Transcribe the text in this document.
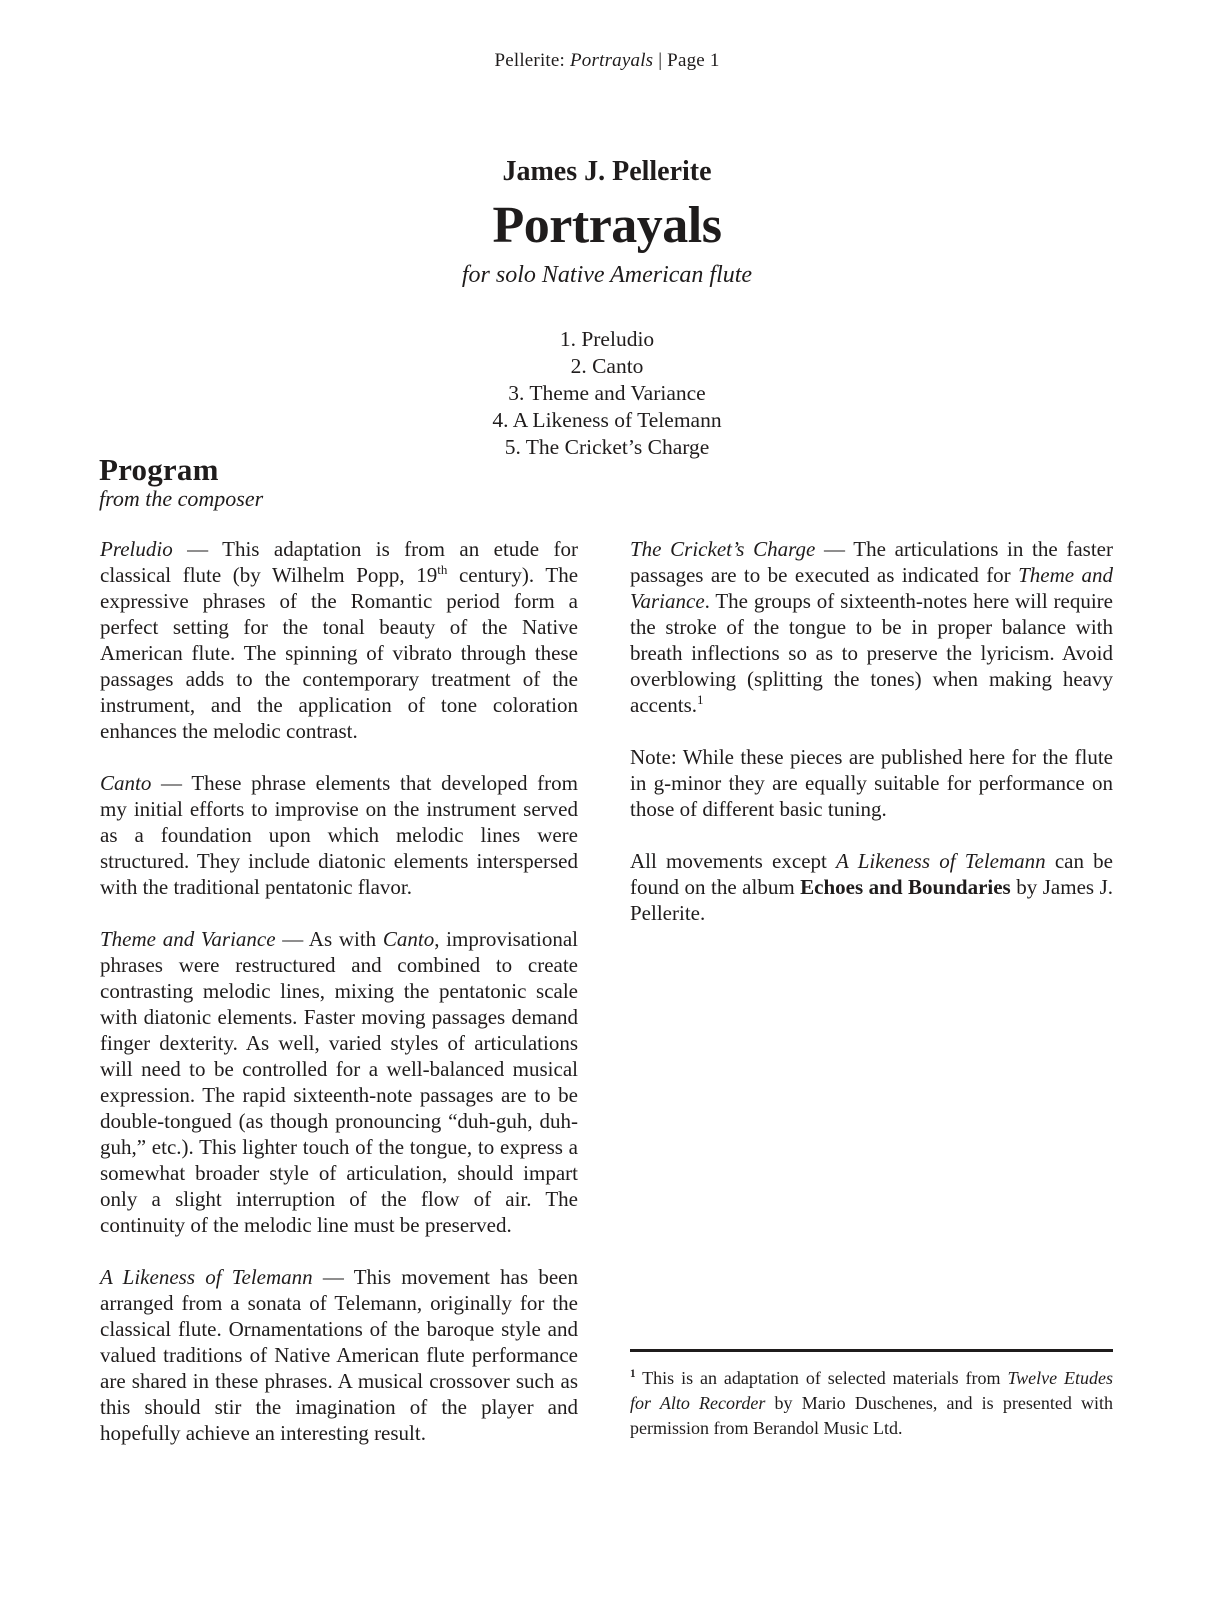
Pellerite: Portrayals | Page 1
James J. Pellerite
Portrayals
for solo Native American flute
1. Preludio
2. Canto
3. Theme and Variance
4. A Likeness of Telemann
5. The Cricket’s Charge
Program
from the composer

Preludio — This adaptation is from an etude for classical flute (by Wilhelm Popp, 19th century). The expressive phrases of the Romantic period form a perfect setting for the tonal beauty of the Native American flute. The spinning of vibrato through these passages adds to the contemporary treatment of the instrument, and the application of tone coloration enhances the melodic contrast.

Canto — These phrase elements that developed from my initial efforts to improvise on the instrument served as a foundation upon which melodic lines were structured. They include diatonic elements interspersed with the traditional pentatonic flavor.

Theme and Variance — As with Canto, improvisational phrases were restructured and combined to create contrasting melodic lines, mixing the pentatonic scale with diatonic elements. Faster moving passages demand finger dexterity. As well, varied styles of articulations will need to be controlled for a well-balanced musical expression. The rapid sixteenth-note passages are to be double-tongued (as though pronouncing “duh-guh, duh-guh,” etc.). This lighter touch of the tongue, to express a somewhat broader style of articulation, should impart only a slight interruption of the flow of air. The continuity of the melodic line must be preserved.

A Likeness of Telemann — This movement has been arranged from a sonata of Telemann, originally for the classical flute. Ornamentations of the baroque style and valued traditions of Native American flute performance are shared in these phrases. A musical crossover such as this should stir the imagination of the player and hopefully achieve an interesting result.

The Cricket’s Charge — The articulations in the faster passages are to be executed as indicated for Theme and Variance. The groups of sixteenth-notes here will require the stroke of the tongue to be in proper balance with breath inflections so as to preserve the lyricism. Avoid overblowing (splitting the tones) when making heavy accents.$^1$

Note: While these pieces are published here for the flute in g-minor they are equally suitable for performance on those of different basic tuning.

All movements except A Likeness of Telemann can be found on the album Echoes and Boundaries by James J. Pellerite.

$^1$ This is an adaptation of selected materials from Twelve Etudes for Alto Recorder by Mario Duschenes, and is presented with permission from Berandol Music Ltd.
